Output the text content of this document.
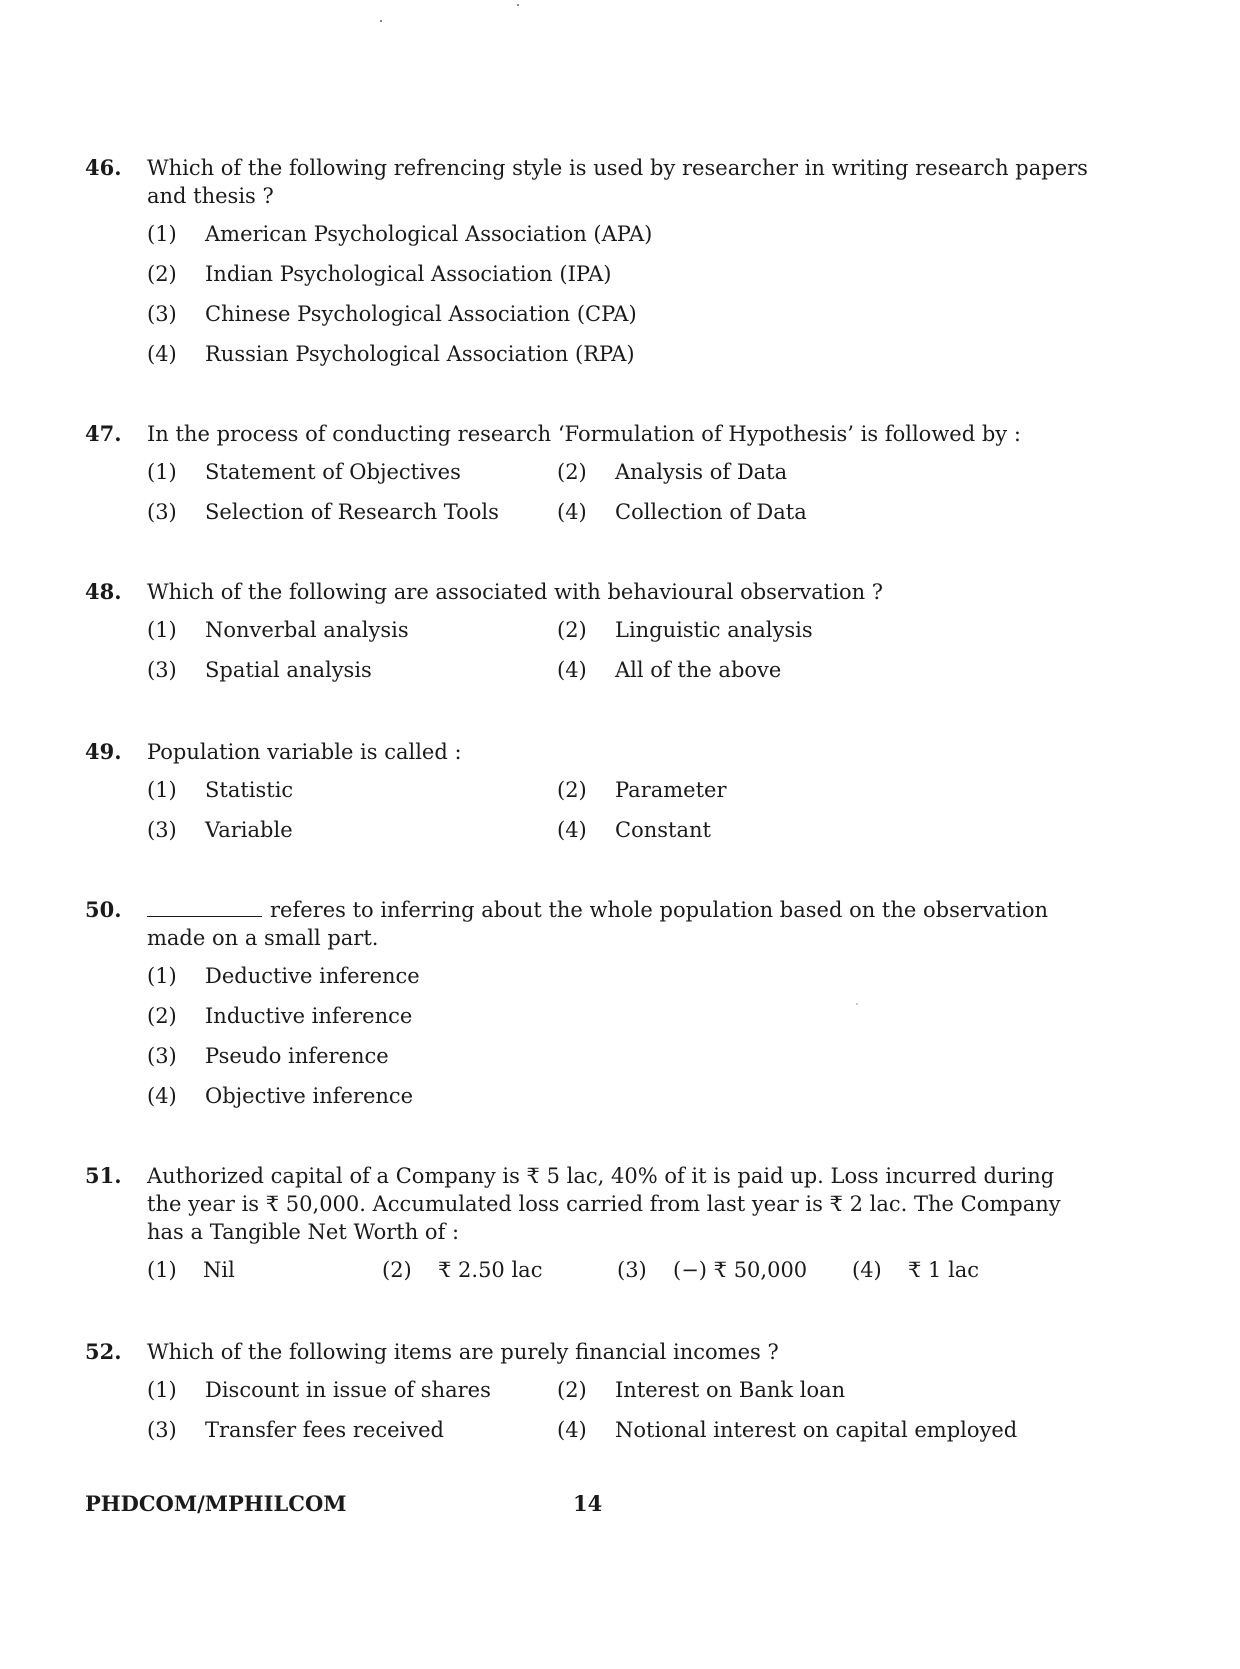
46. Which of the following refrencing style is used by researcher in writing research papers and thesis ?
(1)	American Psychological Association (APA)
(2)	Indian Psychological Association (IPA)
(3)	Chinese Psychological Association (CPA)
(4)	Russian Psychological Association (RPA)
47. In the process of conducting research ‘Formulation of Hypothesis’ is followed by :
(1)	Statement of Objectives	(2)	Analysis of Data
(3)	Selection of Research Tools	(4)	Collection of Data
48. Which of the following are associated with behavioural observation ?
(1)	Nonverbal analysis	(2)	Linguistic analysis
(3)	Spatial analysis	(4)	All of the above
49. Population variable is called :
(1)	Statistic	(2)	Parameter
(3)	Variable	(4)	Constant
50.	referes to inferring about the whole population based on the observation made on a small part.
(1)	Deductive inference
(2)	Inductive inference
(3)	Pseudo inference
(4)	Objective inference
51. Authorized capital of a Company is ₹ 5 lac, 40% of it is paid up. Loss incurred during the year is ₹ 50,000. Accumulated loss carried from last year is ₹ 2 lac. The Company has a Tangible Net Worth of :
(1)	Nil	(2)	₹ 2.50 lac	(3)	(−) ₹ 50,000 (4)	₹ 1 lac
52. Which of the following items are purely financial incomes ?
(1)	Discount in issue of shares	(2)	Interest on Bank loan
(3)	Transfer fees received	(4)	Notional interest on capital employed
PHDCOM/MPHILCOM	14
